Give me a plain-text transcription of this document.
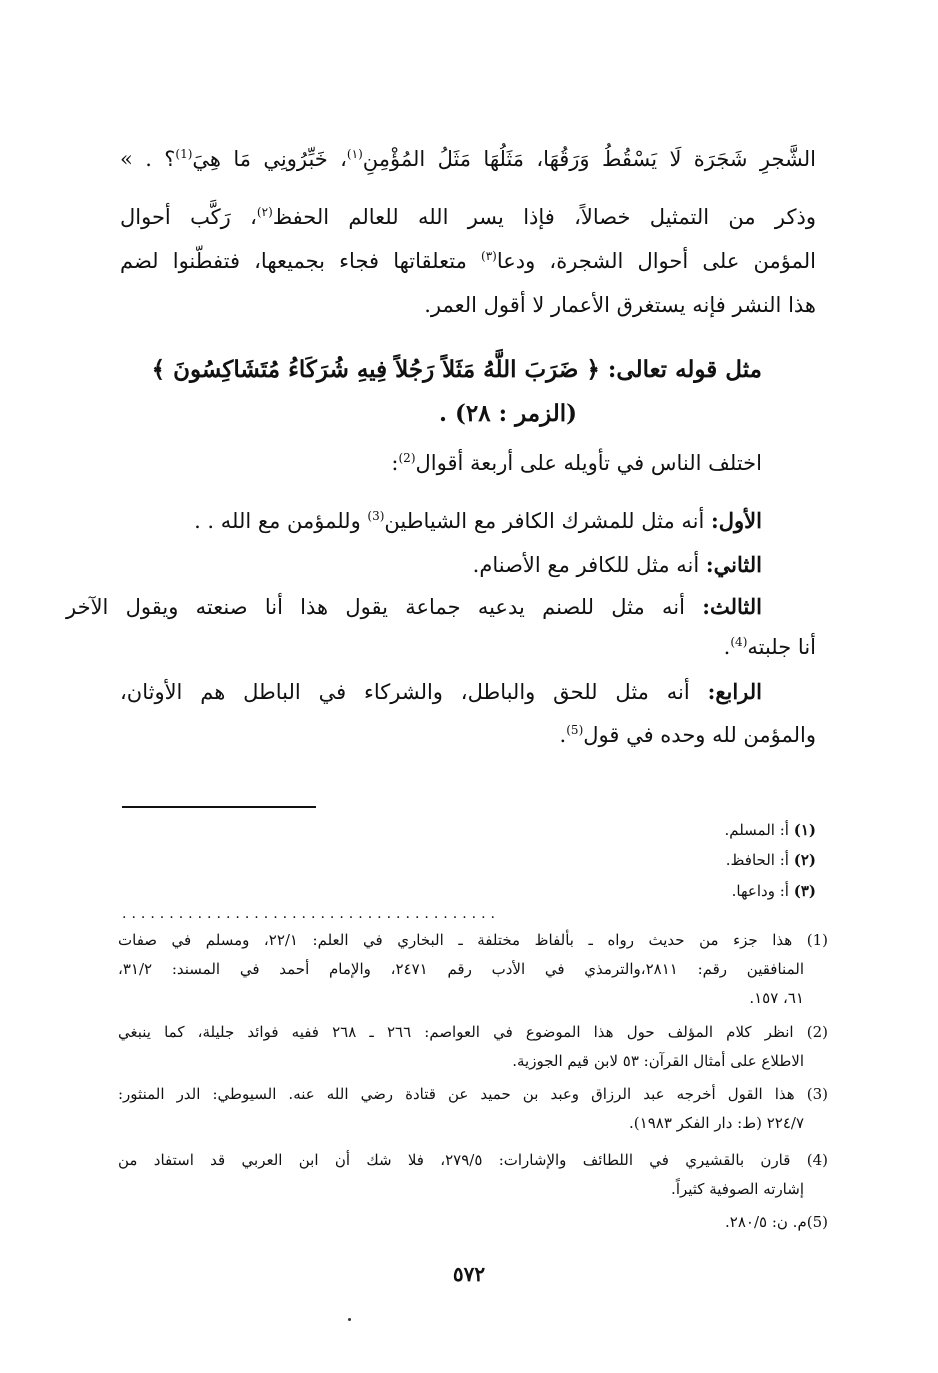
الشَّجرِ شَجَرَة لَا يَسْقُطُ وَرَقُهَا، مَثَلُهَا مَثَلُ المُؤْمِنِ$^{(١)}$، خَبِّرُونِي مَا هِيَ$^{(1)}$؟ . »
وذكر من التمثيل خصالاً، فإذا يسر الله للعالم الحفظ$^{(٢)}$، رَكَّب أحوال
المؤمن على أحوال الشجرة، ودعا$^{(٣)}$ متعلقاتها فجاء بجميعها، فتفطّنوا لضم
هذا النشر فإنه يستغرق الأعمار لا أقول العمر.
مثل قوله تعالى: ﴿ ضَرَبَ اللَّهُ مَثَلاً رَجُلاً فِيهِ شُرَكَاءُ مُتَشَاكِسُونَ ﴾
(الزمر : ٢٨) .
اختلف الناس في تأويله على أربعة أقوال$^{(2)}$:
الأول: أنه مثل للمشرك الكافر مع الشياطين$^{(3)}$ وللمؤمن مع الله . .
الثاني: أنه مثل للكافر مع الأصنام.
الثالث: أنه مثل للصنم يدعيه جماعة يقول هذا أنا صنعته ويقول الآخر
أنا جلبته$^{(4)}$.
الرابع: أنه مثل للحق والباطل، والشركاء في الباطل هم الأوثان،
والمؤمن لله وحده في قول$^{(5)}$.
(١) أ: المسلم.
(٢) أ: الحافظ.
(٣) أ: وداعها.
........................................
(1) هذا جزء من حديث رواه ـ بألفاظ مختلفة ـ البخاري في العلم: ٢٢/١، ومسلم في صفات
المنافقين رقم: ٢٨١١،والترمذي في الأدب رقم ٢٤٧١، والإمام أحمد في المسند: ٣١/٢،
٦١، ١٥٧.
(2) انظر كلام المؤلف حول هذا الموضوع في العواصم: ٢٦٦ ـ ٢٦٨ ففيه فوائد جليلة، كما ينبغي
الاطلاع على أمثال القرآن: ٥٣ لابن قيم الجوزية.
(3) هذا القول أخرجه عبد الرزاق وعبد بن حميد عن قتادة رضي الله عنه. السيوطي: الدر المنثور:
٢٢٤/٧ (ط: دار الفكر ١٩٨٣).
(4) قارن بالقشيري في اللطائف والإشارات: ٢٧٩/٥، فلا شك أن ابن العربي قد استفاد من
إشارته الصوفية كثيراً.
(5)م. ن: ٢٨٠/٥.
٥٧٢
